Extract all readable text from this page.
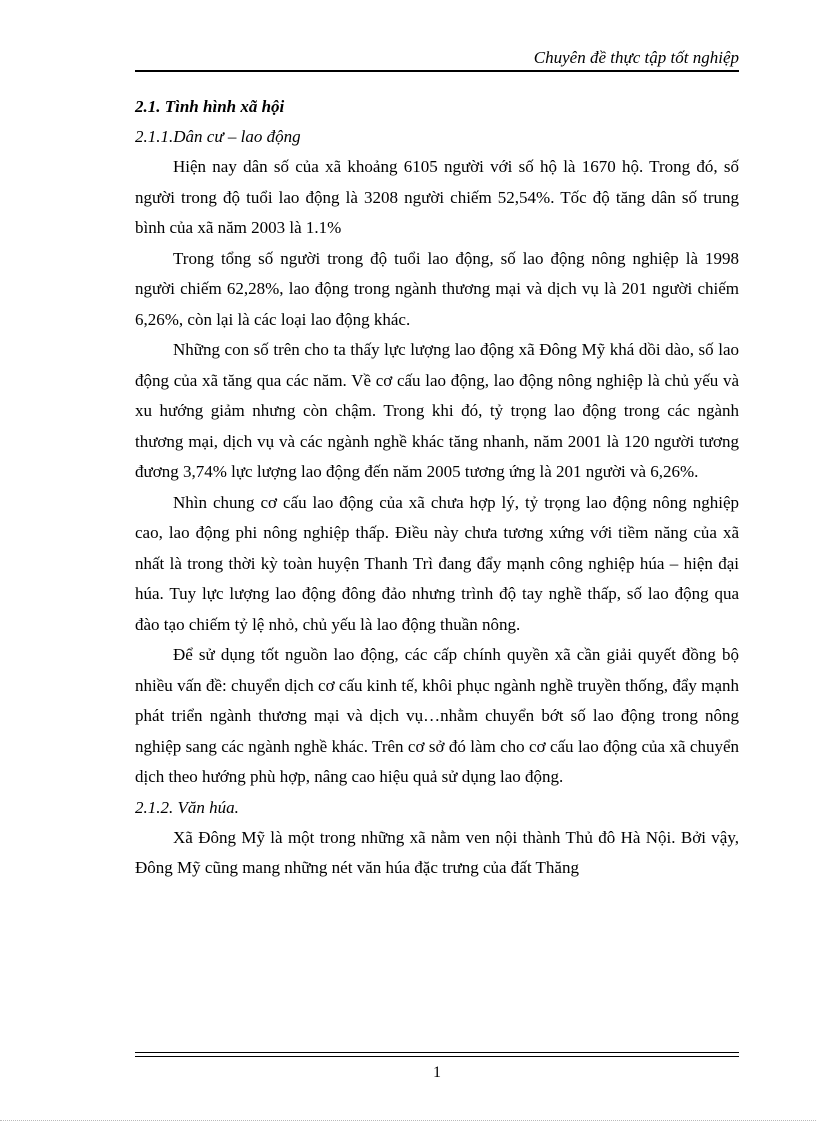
Chuyên đề thực tập tốt nghiệp

2.1. Tình hình xã hội

2.1.1.Dân cư – lao động

Hiện nay dân số của xã khoảng 6105 người với số hộ là 1670 hộ. Trong đó, số người trong độ tuổi lao động là 3208 người chiếm 52,54%. Tốc độ tăng dân số trung bình của xã năm 2003 là 1.1%

Trong tổng số người trong độ tuổi lao động, số lao động nông nghiệp là 1998 người chiếm 62,28%, lao động trong ngành thương mại và dịch vụ là 201 người chiếm 6,26%, còn lại là các loại lao động khác.

Những con số trên cho ta thấy lực lượng lao động xã Đông Mỹ khá dồi dào, số lao động của xã tăng qua các năm. Về cơ cấu lao động, lao động nông nghiệp là chủ yếu và xu hướng giảm nhưng còn chậm. Trong khi đó, tỷ trọng lao động trong các ngành thương mại, dịch vụ và các ngành nghề khác tăng nhanh, năm 2001 là 120 người tương đương 3,74% lực lượng lao động đến năm 2005 tương ứng là 201 người và 6,26%.

Nhìn chung cơ cấu lao động của xã chưa hợp lý, tỷ trọng lao động nông nghiệp cao, lao động phi nông nghiệp thấp. Điều này chưa tương xứng với tiềm năng của xã nhất là trong thời kỳ toàn huyện Thanh Trì đang đẩy mạnh công nghiệp húa – hiện đại húa. Tuy lực lượng lao động đông đảo nhưng trình độ tay nghề thấp, số lao động qua đào tạo chiếm tỷ lệ nhỏ, chủ yếu là lao động thuần nông.

Để sử dụng tốt nguồn lao động, các cấp chính quyền xã cần giải quyết đồng bộ nhiều vấn đề: chuyển dịch cơ cấu kinh tế, khôi phục ngành nghề truyền thống, đẩy mạnh phát triển ngành thương mại và dịch vụ…nhằm chuyển bớt số lao động trong nông nghiệp sang các ngành nghề khác. Trên cơ sở đó làm cho cơ cấu lao động của xã chuyển dịch theo hướng phù hợp, nâng cao hiệu quả sử dụng lao động.

2.1.2. Văn húa.

Xã Đông Mỹ là một trong những xã nằm ven nội thành Thủ đô Hà Nội. Bởi vậy, Đông Mỹ cũng mang những nét văn húa đặc trưng của đất Thăng

1
